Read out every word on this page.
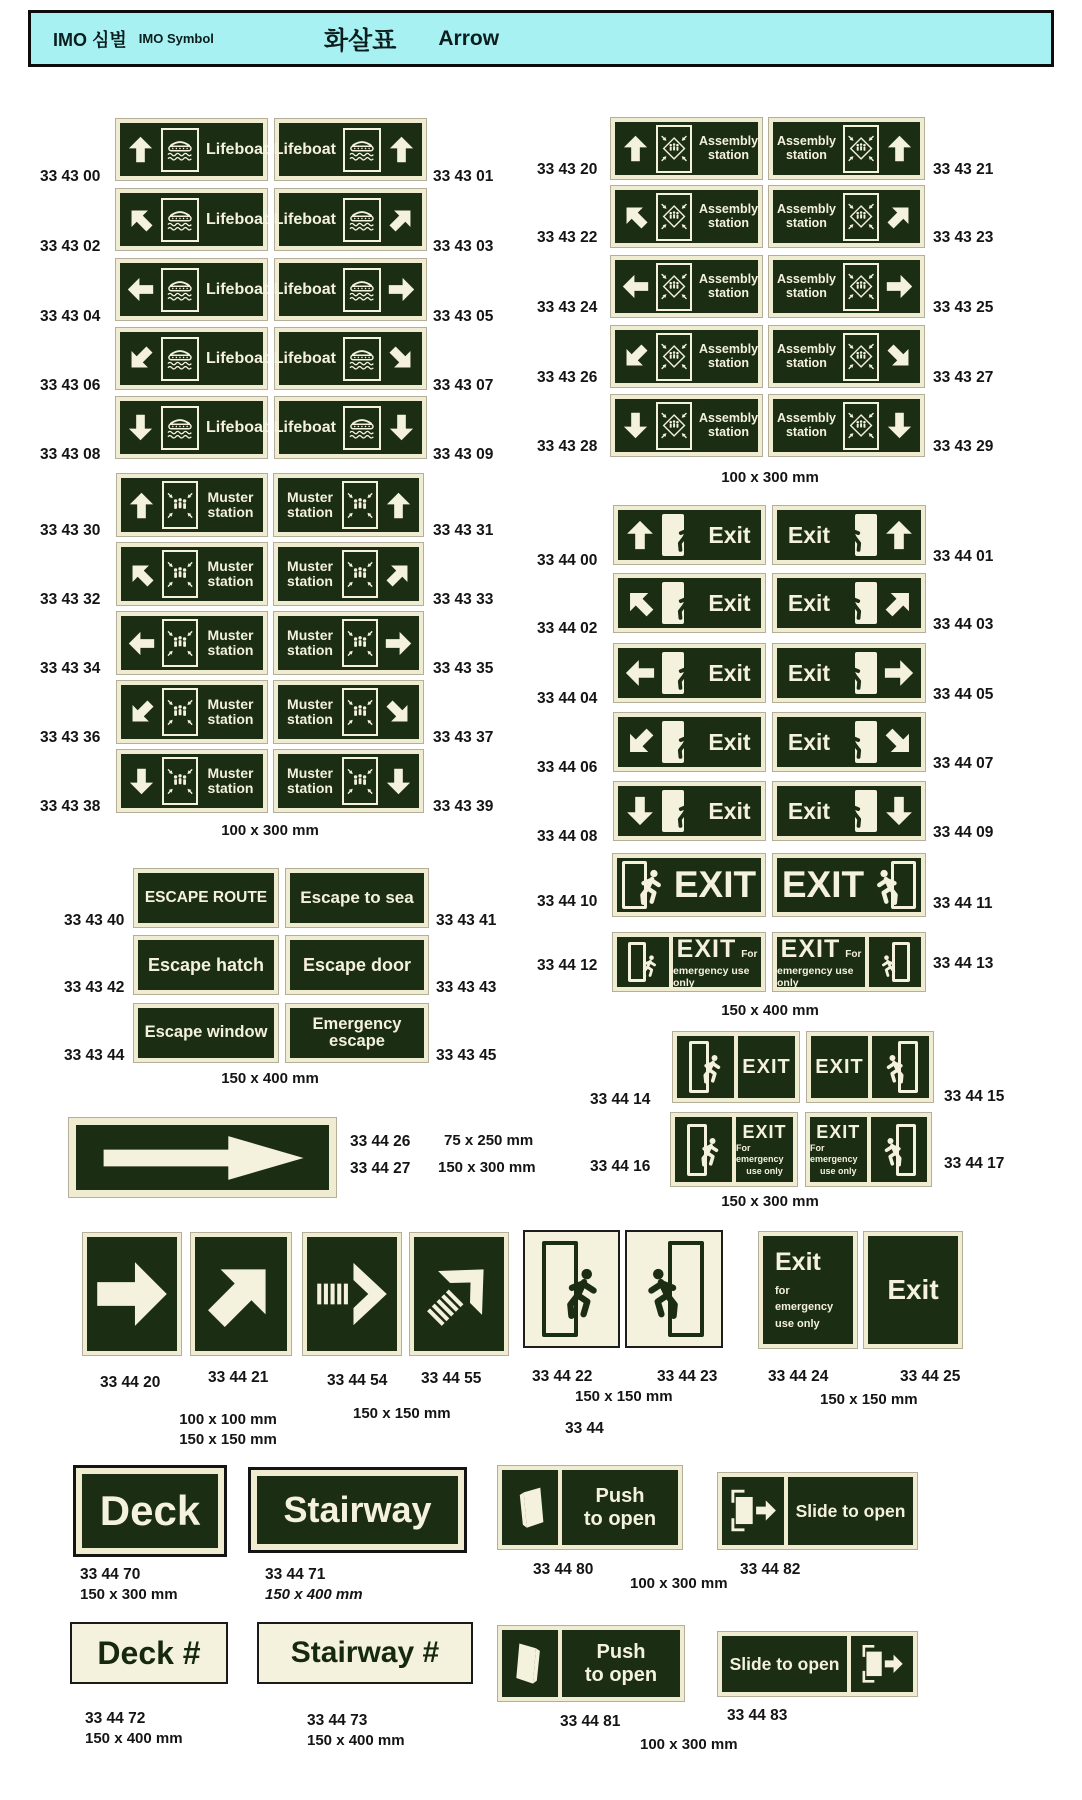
IMO 심벌 IMO Symbol	화살표 Arrow
Lifeboat Lifeboat
Lifeboat Lifeboat
Lifeboat Lifeboat
Lifeboat Lifeboat
Lifeboat Lifeboat
Muster
station
Muster
station
Muster
station
Muster
station
Muster
station
Muster
station
Muster
station
Muster
station
Muster
station
Muster
station
Assembly
station
Assembly
station
Assembly
station
Assembly
station
Assembly
station
Assembly
station
Assembly
station
Assembly
station
Assembly
station
Assembly
station
Exit Exit
Exit Exit
Exit Exit
Exit Exit
Exit Exit
ESCAPE ROUTE Escape to sea
Escape hatch Escape door
Escape window	Emergency
escape
EXIT EXIT
EXIT For
emergency use only
EXIT For
emergency use only
EXIT EXIT
EXIT
For emergency
use only
EXIT
For emergency
use only
Exit
for
emergency
use only
Exit
Deck Stairway	Push
to open	Slide to open
Deck #	Stairway #	Push
to open	Slide to open
33 43 00	33 43 01
33 43 02	33 43 03
33 43 04	33 43 05
33 43 06	33 43 07
33 43 08	33 43 09
33 43 30	33 43 31
33 43 32	33 43 33
33 43 34	33 43 35
33 43 36	33 43 37
33 43 38	33 43 39
100 x 300 mm
33 43 40	33 43 41
33 43 42	33 43 43
33 43 44	33 43 45
150 x 400 mm
33 44 26 75 x 250 mm
33 44 27 150 x 300 mm
33 43 20	33 43 21
33 43 22	33 43 23
33 43 24	33 43 25
33 43 26	33 43 27
33 43 28	33 43 29
100 x 300 mm
33 44 00	33 44 01
33 44 02	33 44 03
33 44 04	33 44 05
33 44 06	33 44 07
33 44 08	33 44 09
33 44 10	33 44 11
33 44 12	33 44 13
150 x 400 mm
33 44 14	33 44 15
33 44 16	33 44 17
150 x 300 mm
33 44 20	33 44 21	33 44 54 33 44 55	33 44 22	33 44 23	33 44 24	33 44 25
150 x 150 mm	150 x 150 mm
150 x 150 mm
100 x 100 mm
150 x 150 mm
33 44
33 44 70
150 x 300 mm
33 44 71
150 x 400 mm
33 44 80
100 x 300 mm
33 44 82
33 44 72
150 x 400 mm
33 44 73
150 x 400 mm
33 44 81	33 44 83
100 x 300 mm
